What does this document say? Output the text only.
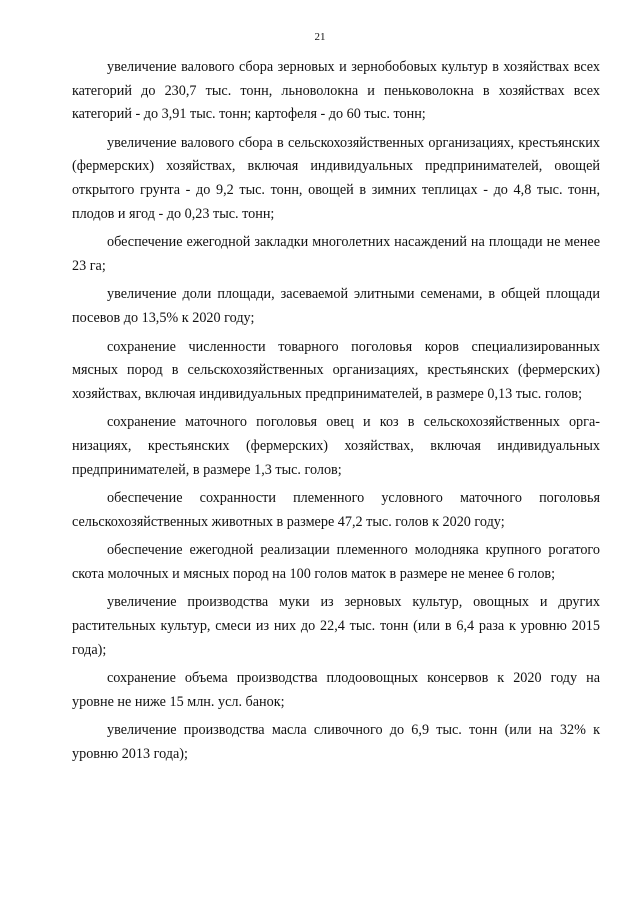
21

увеличение валового сбора зерновых и зернобобовых культур в хозяйствах всех категорий до 230,7 тыс. тонн, льноволокна и пеньковолокна в хозяйствах всех категорий - до 3,91 тыс. тонн; картофеля - до 60 тыс. тонн;

увеличение валового сбора в сельскохозяйственных организациях, крестьянских (фермерских) хозяйствах, включая индивидуальных предпринимателей, овощей открытого грунта - до 9,2 тыс. тонн, овощей в зимних теплицах - до 4,8 тыс. тонн, плодов и ягод - до 0,23 тыс. тонн;

обеспечение ежегодной закладки многолетних насаждений на площади не менее 23 га;

увеличение доли площади, засеваемой элитными семенами, в общей площади посевов до 13,5% к 2020 году;

сохранение численности товарного поголовья коров специализированных мясных пород в сельскохозяйственных организациях, крестьянских (фермерских) хозяйствах, включая индивидуальных предпринимателей, в размере 0,13 тыс. голов;

сохранение маточного поголовья овец и коз в сельскохозяйственных организациях, крестьянских (фермерских) хозяйствах, включая индивидуальных предпринимателей, в размере 1,3 тыс. голов;

обеспечение сохранности племенного условного маточного поголовья сельскохозяйственных животных в размере 47,2 тыс. голов к 2020 году;

обеспечение ежегодной реализации племенного молодняка крупного рогатого скота молочных и мясных пород на 100 голов маток в размере не менее 6 голов;

увеличение производства муки из зерновых культур, овощных и других растительных культур, смеси из них до 22,4 тыс. тонн (или в 6,4 раза к уровню 2015 года);

сохранение объема производства плодоовощных консервов к 2020 году на уровне не ниже 15 млн. усл. банок;

увеличение производства масла сливочного до 6,9 тыс. тонн (или на 32% к уровню 2013 года);
